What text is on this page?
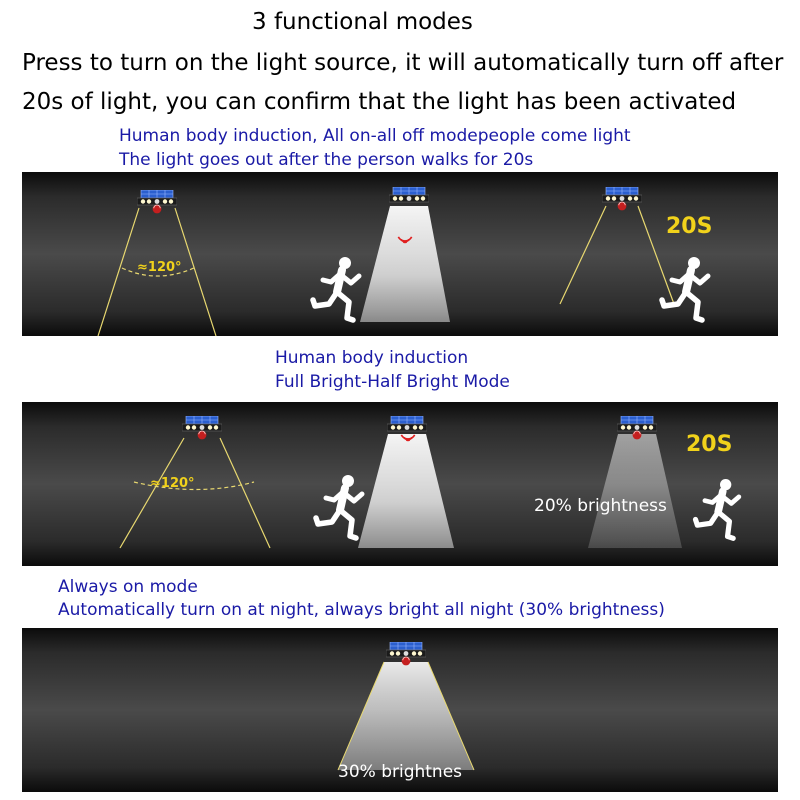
3 functional modes
Press to turn on the light source, it will automatically turn off after
20s of light, you can confirm that the light has been activated
Human body induction, All on-all off modepeople come light
The light goes out after the person walks for 20s
≈120°
20S
Human body induction
Full Bright-Half Bright Mode
≈120°
20S
20% brightness
Always on mode
Automatically turn on at night, always bright all night (30% brightness)
30% brightnes
